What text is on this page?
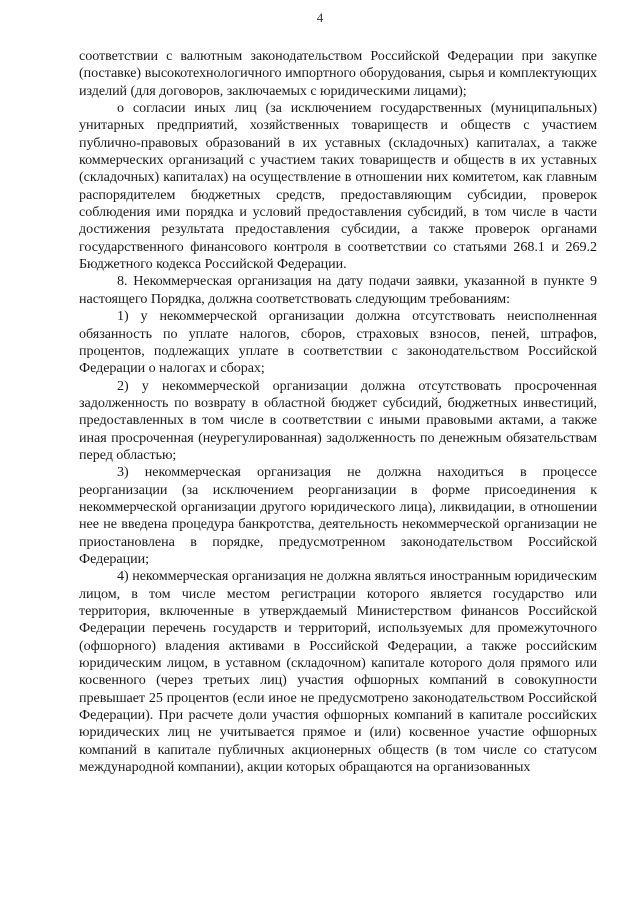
4

соответствии с валютным законодательством Российской Федерации при закупке (поставке) высокотехнологичного импортного оборудования, сырья и комплектующих изделий (для договоров, заключаемых с юридическими лицами);

о согласии иных лиц (за исключением государственных (муниципальных) унитарных предприятий, хозяйственных товариществ и обществ с участием публично-правовых образований в их уставных (складочных) капиталах, а также коммерческих организаций с участием таких товариществ и обществ в их уставных (складочных) капиталах) на осуществление в отношении них комитетом, как главным распорядителем бюджетных средств, предоставляющим субсидии, проверок соблюдения ими порядка и условий предоставления субсидий, в том числе в части достижения результата предоставления субсидии, а также проверок органами государственного финансового контроля в соответствии со статьями 268.1 и 269.2 Бюджетного кодекса Российской Федерации.

8. Некоммерческая организация на дату подачи заявки, указанной в пункте 9 настоящего Порядка, должна соответствовать следующим требованиям:

1) у некоммерческой организации должна отсутствовать неисполненная обязанность по уплате налогов, сборов, страховых взносов, пеней, штрафов, процентов, подлежащих уплате в соответствии с законодательством Российской Федерации о налогах и сборах;

2) у некоммерческой организации должна отсутствовать просроченная задолженность по возврату в областной бюджет субсидий, бюджетных инвестиций, предоставленных в том числе в соответствии с иными правовыми актами, а также иная просроченная (неурегулированная) задолженность по денежным обязательствам перед областью;

3) некоммерческая организация не должна находиться в процессе реорганизации (за исключением реорганизации в форме присоединения к некоммерческой организации другого юридического лица), ликвидации, в отношении нее не введена процедура банкротства, деятельность некоммерческой организации не приостановлена в порядке, предусмотренном законодательством Российской Федерации;

4) некоммерческая организация не должна являться иностранным юридическим лицом, в том числе местом регистрации которого является государство или территория, включенные в утверждаемый Министерством финансов Российской Федерации перечень государств и территорий, используемых для промежуточного (офшорного) владения активами в Российской Федерации, а также российским юридическим лицом, в уставном (складочном) капитале которого доля прямого или косвенного (через третьих лиц) участия офшорных компаний в совокупности превышает 25 процентов (если иное не предусмотрено законодательством Российской Федерации). При расчете доли участия офшорных компаний в капитале российских юридических лиц не учитывается прямое и (или) косвенное участие офшорных компаний в капитале публичных акционерных обществ (в том числе со статусом международной компании), акции которых обращаются на организованных
